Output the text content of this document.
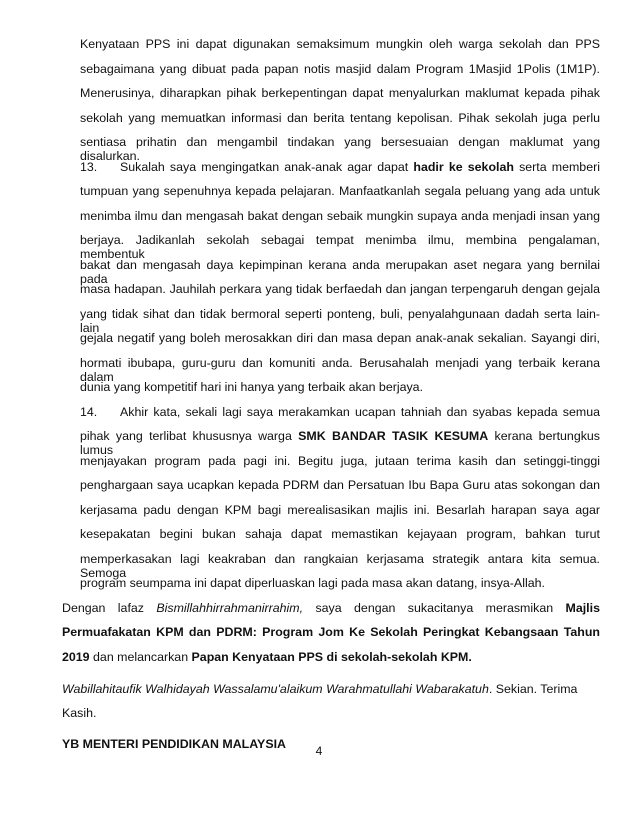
Kenyataan PPS ini dapat digunakan semaksimum mungkin oleh warga sekolah dan PPS
sebagaimana yang dibuat pada papan notis masjid dalam Program 1Masjid 1Polis (1M1P).
Menerusinya, diharapkan pihak berkepentingan dapat menyalurkan maklumat kepada pihak
sekolah yang memuatkan informasi dan berita tentang kepolisan. Pihak sekolah juga perlu
sentiasa prihatin dan mengambil tindakan yang bersesuaian dengan maklumat yang disalurkan.
13. Sukalah saya mengingatkan anak-anak agar dapat hadir ke sekolah serta memberi
tumpuan yang sepenuhnya kepada pelajaran. Manfaatkanlah segala peluang yang ada untuk
menimba ilmu dan mengasah bakat dengan sebaik mungkin supaya anda menjadi insan yang
berjaya. Jadikanlah sekolah sebagai tempat menimba ilmu, membina pengalaman, membentuk
bakat dan mengasah daya kepimpinan kerana anda merupakan aset negara yang bernilai pada
masa hadapan. Jauhilah perkara yang tidak berfaedah dan jangan terpengaruh dengan gejala
yang tidak sihat dan tidak bermoral seperti ponteng, buli, penyalahgunaan dadah serta lain-lain
gejala negatif yang boleh merosakkan diri dan masa depan anak-anak sekalian. Sayangi diri,
hormati ibubapa, guru-guru dan komuniti anda. Berusahalah menjadi yang terbaik kerana dalam
dunia yang kompetitif hari ini hanya yang terbaik akan berjaya.
14. Akhir kata, sekali lagi saya merakamkan ucapan tahniah dan syabas kepada semua
pihak yang terlibat khususnya warga SMK BANDAR TASIK KESUMA kerana bertungkus lumus
menjayakan program pada pagi ini. Begitu juga, jutaan terima kasih dan setinggi-tinggi
penghargaan saya ucapkan kepada PDRM dan Persatuan Ibu Bapa Guru atas sokongan dan
kerjasama padu dengan KPM bagi merealisasikan majlis ini. Besarlah harapan saya agar
kesepakatan begini bukan sahaja dapat memastikan kejayaan program, bahkan turut
memperkasakan lagi keakraban dan rangkaian kerjasama strategik antara kita semua. Semoga
program seumpama ini dapat diperluaskan lagi pada masa akan datang, insya-Allah.
Dengan lafaz Bismillahhirrahmanirrahim, saya dengan sukacitanya merasmikan Majlis
Permuafakatan KPM dan PDRM: Program Jom Ke Sekolah Peringkat Kebangsaan Tahun
2019 dan melancarkan Papan Kenyataan PPS di sekolah-sekolah KPM.
Wabillahitaufik Walhidayah Wassalamu'alaikum Warahmatullahi Wabarakatuh. Sekian. Terima
Kasih.
YB MENTERI PENDIDIKAN MALAYSIA	4
